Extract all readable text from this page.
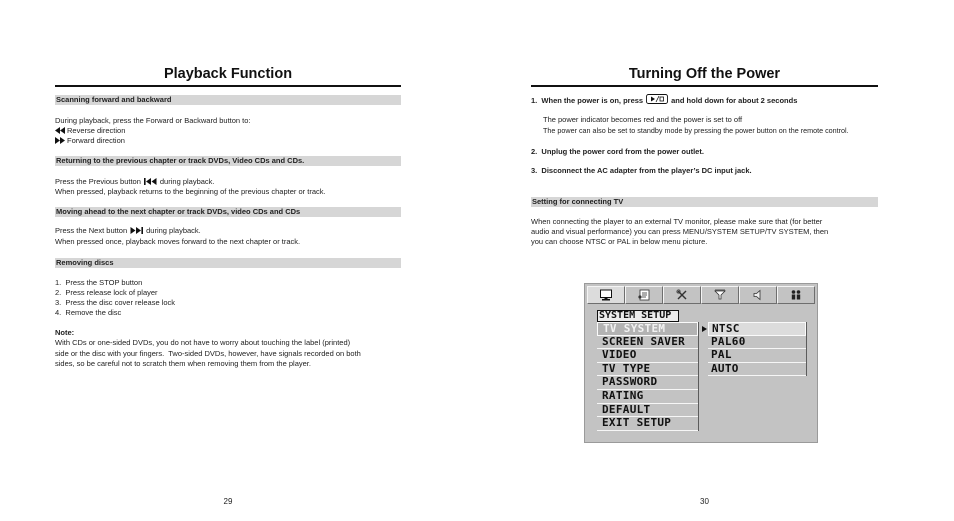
Playback Function
Scanning forward and backward
During playback, press the Forward or Backward button to:
Reverse direction
Forward direction
Returning to the previous chapter or track DVDs, Video CDs and CDs.
Press the Previous button	during playback.
When pressed, playback returns to the beginning of the previous chapter or track.
Moving ahead to the next chapter or track DVDs, video CDs and CDs
Press the Next button	during playback.
When pressed once, playback moves forward to the next chapter or track.
Removing discs
1.  Press the STOP button
2.  Press release lock of player
3.  Press the disc cover release lock
4.  Remove the disc
Note:
With CDs or one-sided DVDs, you do not have to worry about touching the label (printed)
side or the disc with your fingers.  Two-sided DVDs, however, have signals recorded on both
sides, so be careful not to scratch them when removing them from the player.
29
Turning Off the Power
1.  When the power is on, press	and hold down for about 2 seconds
The power indicator becomes red and the power is set to off
The power can also be set to standby mode by pressing the power button on the remote control.
2.  Unplug the power cord from the power outlet.
3.  Disconnect the AC adapter from the player’s DC input jack.
Setting for connecting TV
When connecting the player to an external TV monitor, please make sure that (for better
audio and visual performance) you can press MENU/SYSTEM SETUP/TV SYSTEM, then
you can choose NTSC or PAL in below menu picture.
SYSTEM SETUP
TV SYSTEM
SCREEN SAVER
VIDEO
TV TYPE
PASSWORD
RATING
DEFAULT
EXIT SETUP
NTSC
PAL60
PAL
AUTO
30
